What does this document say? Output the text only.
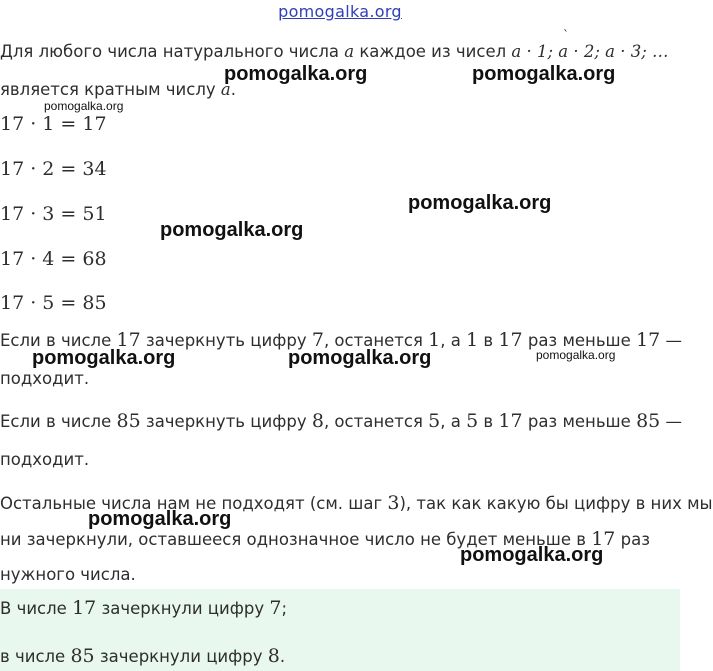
pomogalka.org
ˋ
Для любого числа натурального числа a каждое из чисел a · 1; a · 2; a · 3; …
является кратным числу a.
17 · 1 = 17
17 · 2 = 34
17 · 3 = 51
17 · 4 = 68
17 · 5 = 85
Если в числе 17 зачеркнуть цифру 7, останется 1, а 1 в 17 раз меньше 17 —
подходит.
Если в числе 85 зачеркнуть цифру 8, останется 5, а 5 в 17 раз меньше 85 —
подходит.
Остальные числа нам не подходят (см. шаг 3), так как какую бы цифру в них мы
ни зачеркнули, оставшееся однозначное число не будет меньше в 17 раз
нужного числа.
В числе 17 зачеркнули цифру 7;
в числе 85 зачеркнули цифру 8.
pomogalka.org	pomogalka.org
pomogalka.org
pomogalka.org
pomogalka.org
pomogalka.org	pomogalka.org	pomogalka.org
pomogalka.org
pomogalka.org
